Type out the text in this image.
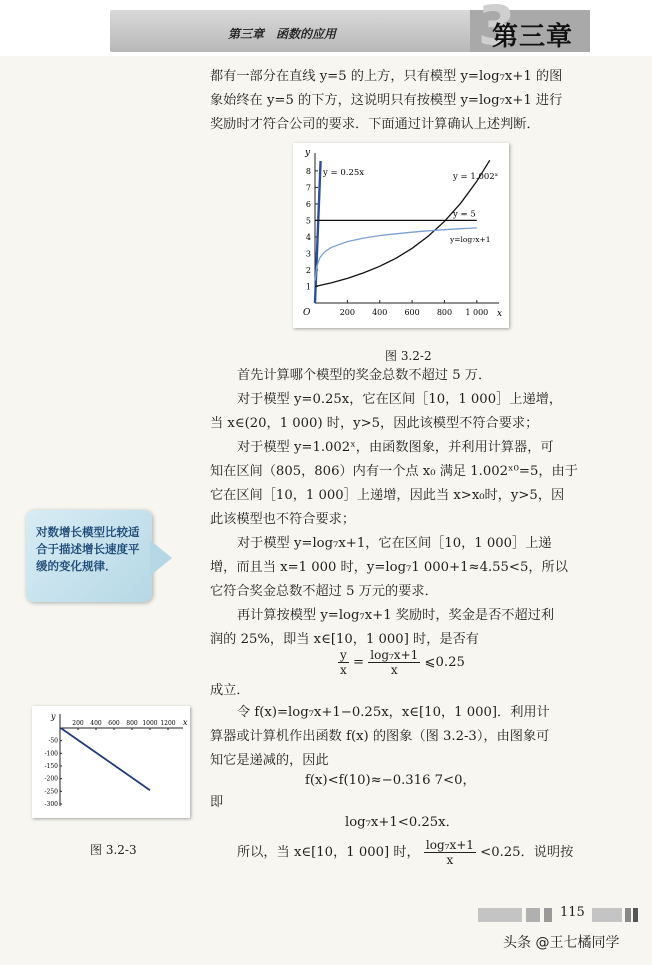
3
第三章　函数的应用	第三章
都有一部分在直线 y=5 的上方，只有模型 y=log₇x+1 的图
象始终在 y=5 的下方，这说明只有按模型 y=log₇x+1 进行
奖励时才符合公司的要求．下面通过计算确认上述判断．
x
y
O	200 400 600 800 1 000
1
2
3
4
5
6
7
8 y = 0.25x	y = 1.002ˣ
y = 5
y=log₇x+1
图 3.2-2
首先计算哪个模型的奖金总数不超过 5 万．
对于模型 y=0.25x，它在区间［10，1 000］上递增，
当 x∈(20，1 000) 时，y>5，因此该模型不符合要求；
对于模型 y=1.002ˣ，由函数图象，并利用计算器，可
知在区间（805，806）内有一个点 x₀ 满足 1.002ˣ⁰=5，由于
它在区间［10，1 000］上递增，因此当 x>x₀时，y>5，因
此该模型也不符合要求；
对于模型 y=log₇x+1，它在区间［10，1 000］上递
增，而且当 x=1 000 时，y=log₇1 000+1≈4.55<5，所以
它符合奖金总数不超过 5 万元的要求．
再计算按模型 y=log₇x+1 奖励时，奖金是否不超过利
润的 25%，即当 x∈[10，1 000] 时，是否有
$\frac{y}{x} = \frac{\text{log₇x+1}}{x}$ ⩽0.25
成立．
令 f(x)=log₇x+1−0.25x，x∈[10，1 000]．利用计
算器或计算机作出函数 f(x) 的图象（图 3.2-3），由图象可
知它是递减的，因此
f(x)<f(10)≈−0.316 7<0，
即
log₇x+1<0.25x．
所以，当 x∈[10，1 000] 时， $\frac{\text{log₇x+1}}{x} <0.25$．说明按
对数增长模型比较适合于描述增长速度平缓的变化规律．
x
y
200 400 600 800 1000 1200
-50
-100
-150
-200
-250
-300
图 3.2-3
115
头条 @王七橘同学
